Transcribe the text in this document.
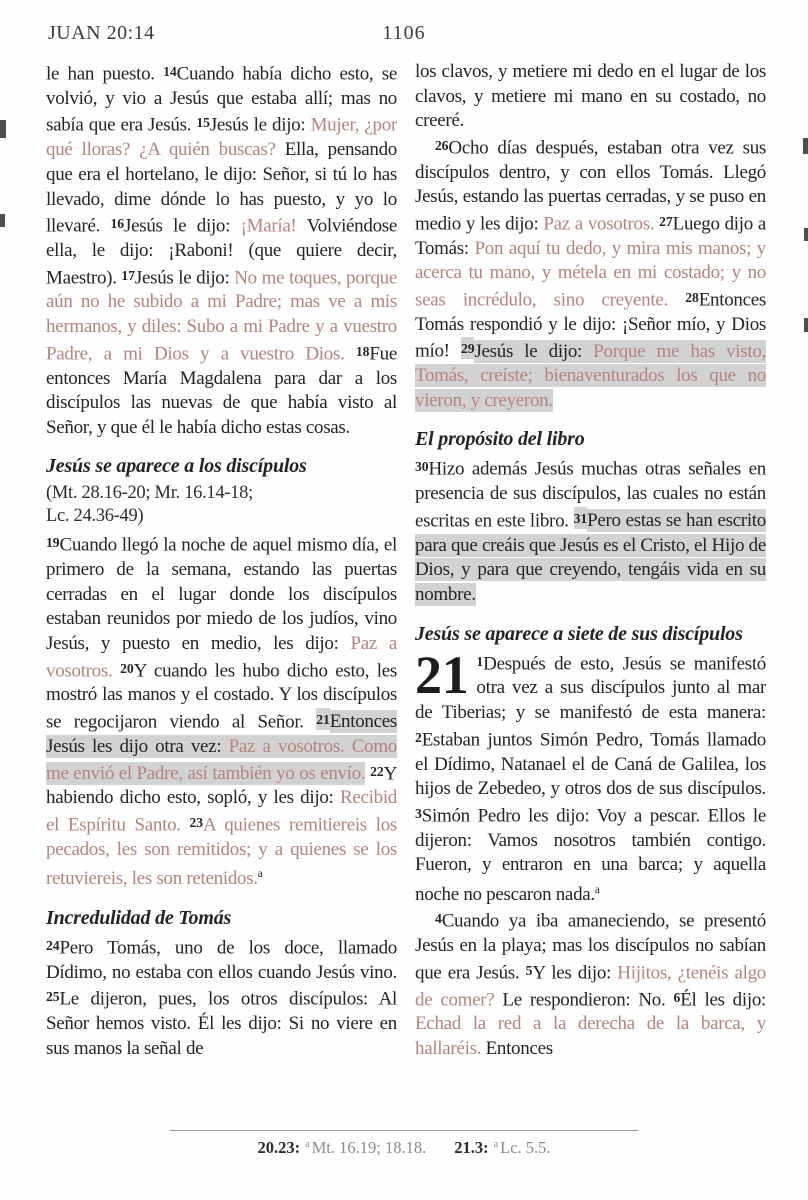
JUAN 20:14	1106

le han puesto. 14Cuando había dicho esto, se volvió, y vio a Jesús que estaba allí; mas no sabía que era Jesús. 15Jesús le dijo: Mujer, ¿por qué lloras? ¿A quién buscas? Ella, pensando que era el hortelano, le dijo: Señor, si tú lo has llevado, dime dónde lo has puesto, y yo lo llevaré. 16Jesús le dijo: ¡María! Volviéndose ella, le dijo: ¡Raboni! (que quiere decir, Maestro). 17Jesús le dijo: No me toques, porque aún no he subido a mi Padre; mas ve a mis hermanos, y diles: Subo a mi Padre y a vuestro Padre, a mi Dios y a vuestro Dios. 18Fue entonces María Magdalena para dar a los discípulos las nuevas de que había visto al Señor, y que él le había dicho estas cosas.

Jesús se aparece a los discípulos
(Mt. 28.16-20; Mr. 16.14-18;
Lc. 24.36-49)

19Cuando llegó la noche de aquel mismo día, el primero de la semana, estando las puertas cerradas en el lugar donde los discípulos estaban reunidos por miedo de los judíos, vino Jesús, y puesto en medio, les dijo: Paz a vosotros. 20Y cuando les hubo dicho esto, les mostró las manos y el costado. Y los discípulos se regocijaron viendo al Señor. 21Entonces Jesús les dijo otra vez: Paz a vosotros. Como me envió el Padre, así también yo os envío. 22Y habiendo dicho esto, sopló, y les dijo: Recibid el Espíritu Santo. 23A quienes remitiereis los pecados, les son remitidos; y a quienes se los retuviereis, les son retenidos.$^a$

Incredulidad de Tomás

24Pero Tomás, uno de los doce, llamado Dídimo, no estaba con ellos cuando Jesús vino. 25Le dijeron, pues, los otros discípulos: Al Señor hemos visto. Él les dijo: Si no viere en sus manos la señal de

los clavos, y metiere mi dedo en el lugar de los clavos, y metiere mi mano en su costado, no creeré.

26Ocho días después, estaban otra vez sus discípulos dentro, y con ellos Tomás. Llegó Jesús, estando las puertas cerradas, y se puso en medio y les dijo: Paz a vosotros. 27Luego dijo a Tomás: Pon aquí tu dedo, y mira mis manos; y acerca tu mano, y métela en mi costado; y no seas incrédulo, sino creyente. 28Entonces Tomás respondió y le dijo: ¡Señor mío, y Dios mío! 29Jesús le dijo: Porque me has visto, Tomás, creíste; bienaventurados los que no vieron, y creyeron.

El propósito del libro

30Hizo además Jesús muchas otras señales en presencia de sus discípulos, las cuales no están escritas en este libro. 31Pero estas se han escrito para que creáis que Jesús es el Cristo, el Hijo de Dios, y para que creyendo, tengáis vida en su nombre.

Jesús se aparece a siete de sus discípulos

21 1Después de esto, Jesús se manifestó otra vez a sus discípulos junto al mar de Tiberias; y se manifestó de esta manera: 2Estaban juntos Simón Pedro, Tomás llamado el Dídimo, Natanael el de Caná de Galilea, los hijos de Zebedeo, y otros dos de sus discípulos. 3Simón Pedro les dijo: Voy a pescar. Ellos le dijeron: Vamos nosotros también contigo. Fueron, y entraron en una barca; y aquella noche no pescaron nada.$^a$

4Cuando ya iba amaneciendo, se presentó Jesús en la playa; mas los discípulos no sabían que era Jesús. 5Y les dijo: Hijitos, ¿tenéis algo de comer? Le respondieron: No. 6Él les dijo: Echad la red a la derecha de la barca, y hallaréis. Entonces

20.23: $^a$ Mt. 16.19; 18.18. 21.3: $^a$ Lc. 5.5.
